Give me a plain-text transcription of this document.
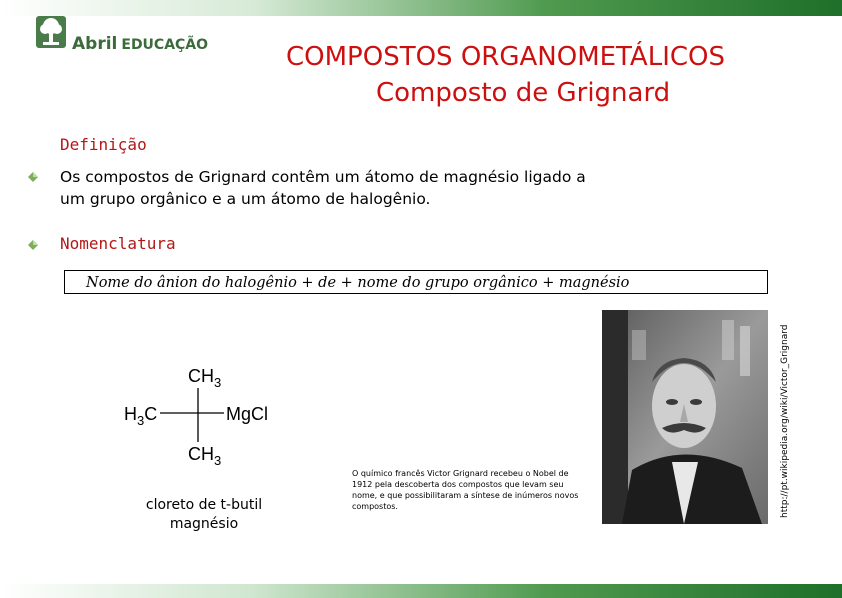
Abril EDUCAÇÃO	COMPOSTOS ORGANOMETÁLICOS
Composto de Grignard
Definição
Os compostos de Grignard contêm um átomo de magnésio ligado a
um grupo orgânico e a um átomo de halogênio.
Nomenclatura
Nome do ânion do halogênio + de + nome do grupo orgânico + magnésio
$CH_3$
$H_3C$	MgCl
$CH_3$
cloreto de t-butil
magnésio
O químico francês Victor Grignard recebeu o Nobel de 1912 pela descoberta dos compostos que levam seu nome, e que possibilitaram a síntese de inúmeros novos compostos.	http://pt.wikipedia.org/wiki/Victor_Grignard
